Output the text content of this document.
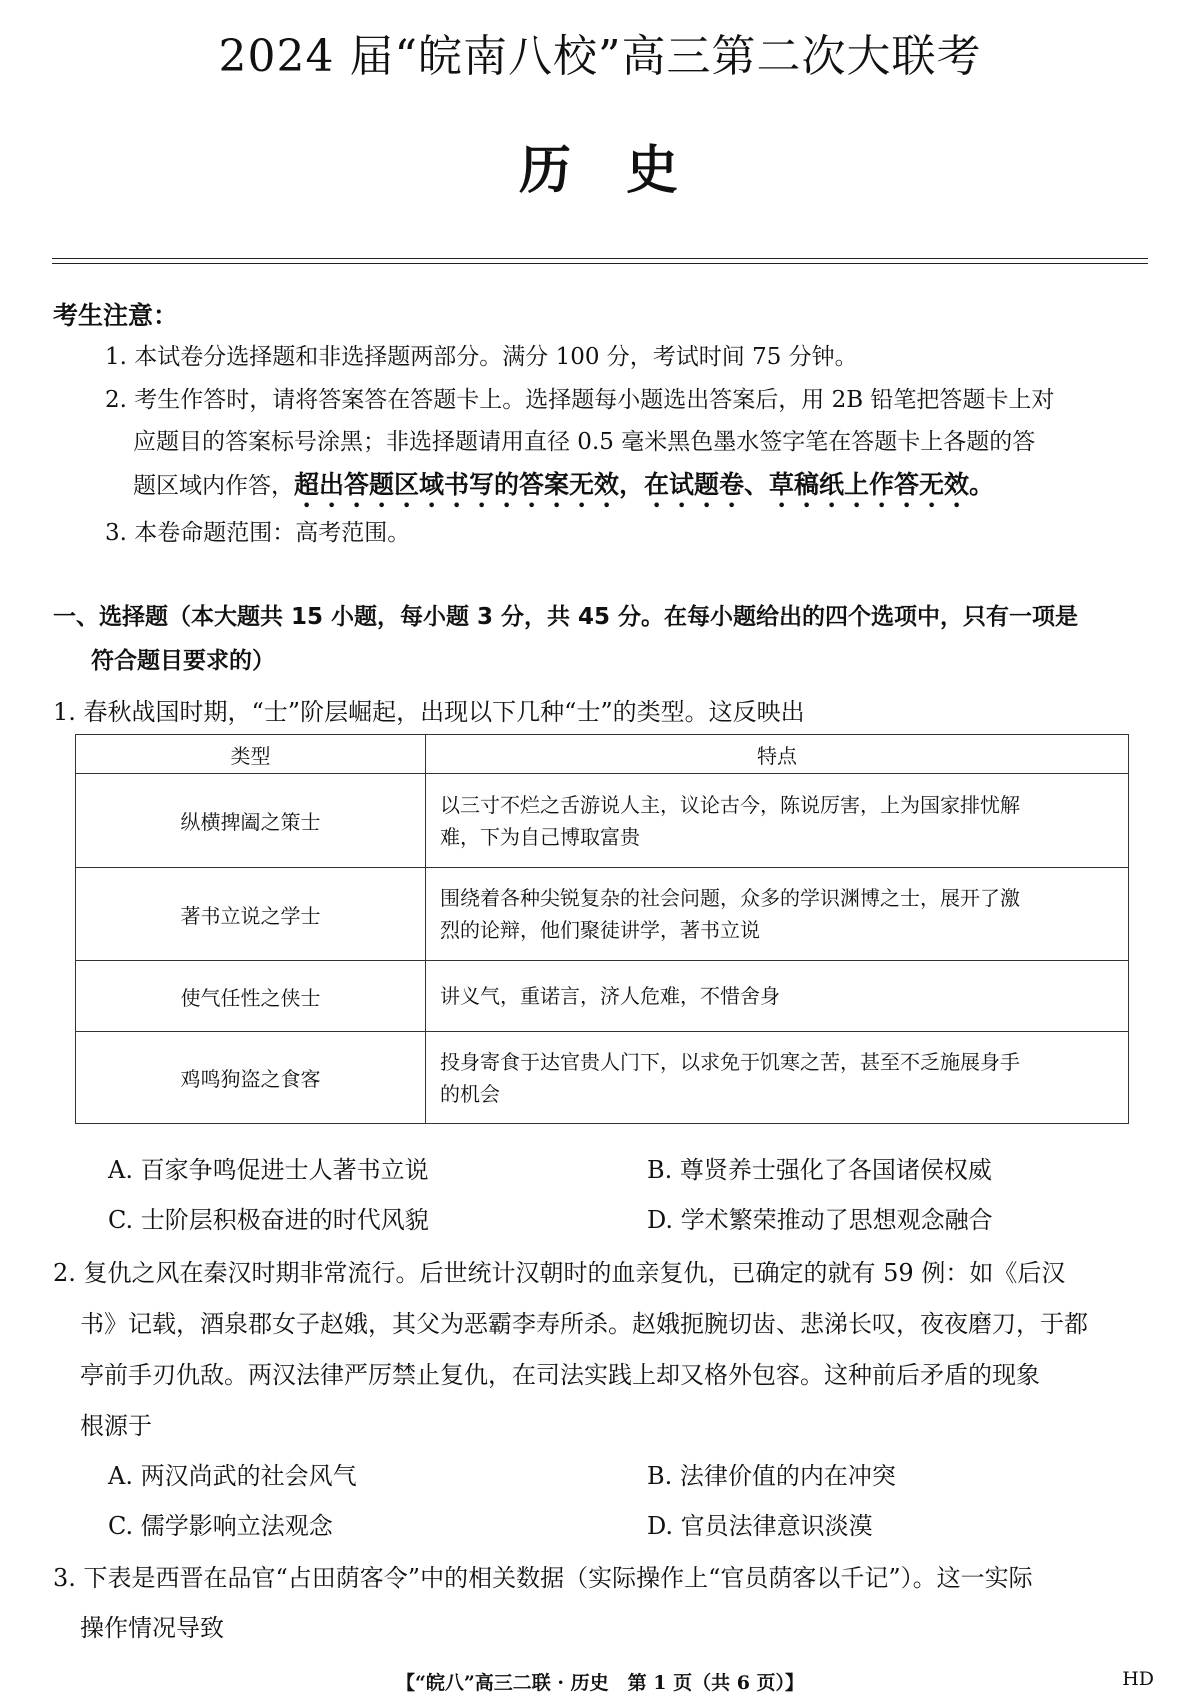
2024 届“皖南八校”高三第二次大联考
历 史
考生注意：
1. 本试卷分选择题和非选择题两部分。满分 100 分，考试时间 75 分钟。
2. 考生作答时，请将答案答在答题卡上。选择题每小题选出答案后，用 2B 铅笔把答题卡上对
应题目的答案标号涂黑；非选择题请用直径 0.5 毫米黑色墨水签字笔在答题卡上各题的答
题区域内作答，超出答题区域书写的答案无效，在试题卷、草稿纸上作答无效。
3. 本卷命题范围：高考范围。
一、选择题（本大题共 15 小题，每小题 3 分，共 45 分。在每小题给出的四个选项中，只有一项是
符合题目要求的）
1. 春秋战国时期，“士”阶层崛起，出现以下几种“士”的类型。这反映出
类型	特点
纵横捭阖之策士	以三寸不烂之舌游说人主，议论古今，陈说厉害，上为国家排忧解
难，下为自己博取富贵

著书立说之学士	围绕着各种尖锐复杂的社会问题，众多的学识渊博之士，展开了激
烈的论辩，他们聚徒讲学，著书立说

使气任性之侠士	讲义气，重诺言，济人危难，不惜舍身

鸡鸣狗盗之食客	投身寄食于达官贵人门下，以求免于饥寒之苦，甚至不乏施展身手
的机会
A. 百家争鸣促进士人著书立说	B. 尊贤养士强化了各国诸侯权威
C. 士阶层积极奋进的时代风貌	D. 学术繁荣推动了思想观念融合
2. 复仇之风在秦汉时期非常流行。后世统计汉朝时的血亲复仇，已确定的就有 59 例：如《后汉
书》记载，酒泉郡女子赵娥，其父为恶霸李寿所杀。赵娥扼腕切齿、悲涕长叹，夜夜磨刀，于都
亭前手刃仇敌。两汉法律严厉禁止复仇，在司法实践上却又格外包容。这种前后矛盾的现象
根源于
A. 两汉尚武的社会风气	B. 法律价值的内在冲突
C. 儒学影响立法观念	D. 官员法律意识淡漠
3. 下表是西晋在品官“占田荫客令”中的相关数据（实际操作上“官员荫客以千记”）。这一实际
操作情况导致
【“皖八”高三二联 · 历史　第 1 页（共 6 页）】	HD
